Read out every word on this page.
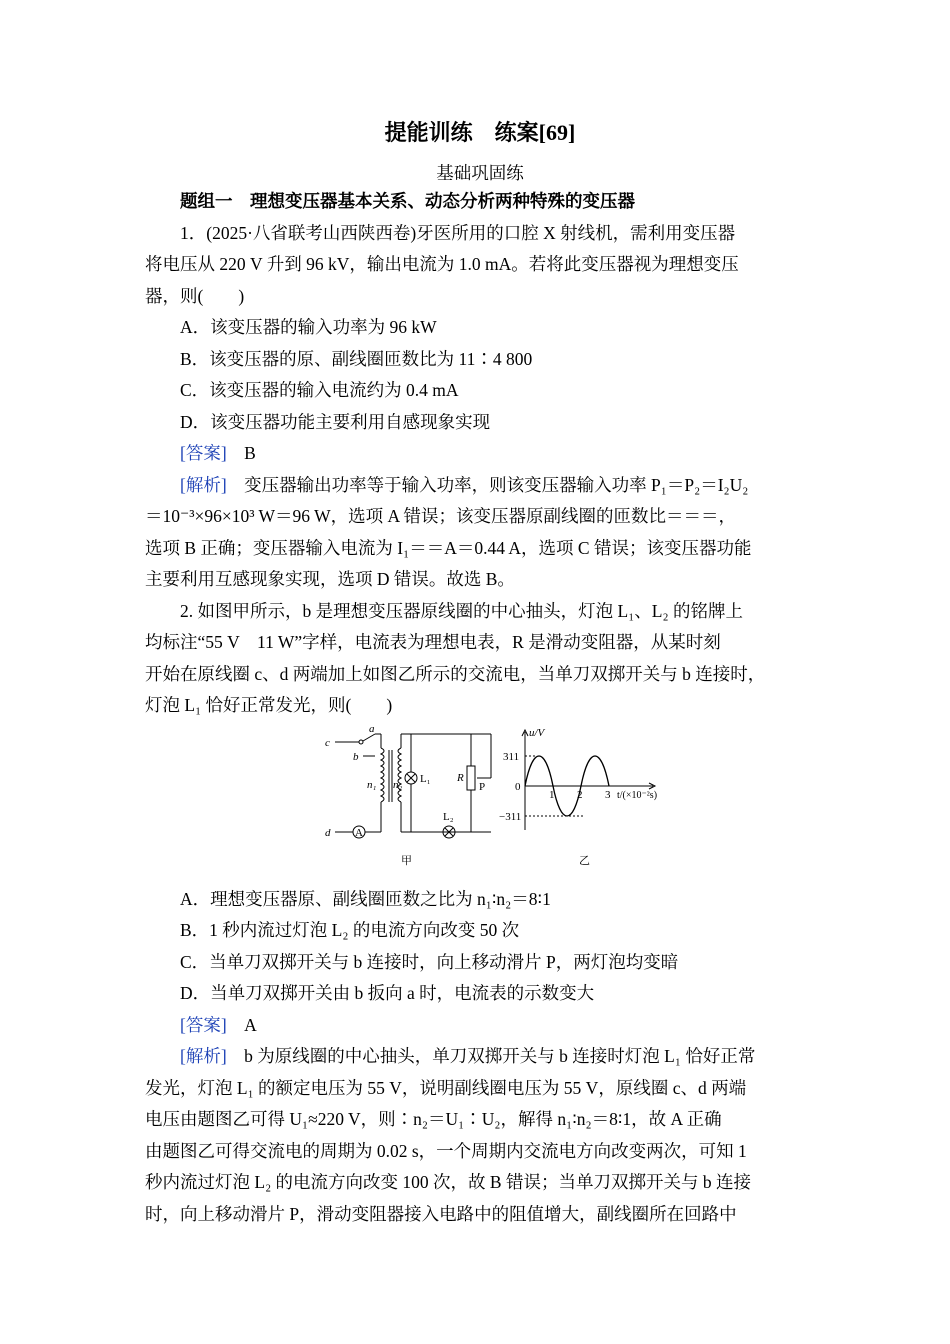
提能训练　练案[69]
基础巩固练
题组一　理想变压器基本关系、动态分析两种特殊的变压器
1．(2025·八省联考山西陕西卷)牙医所用的口腔 X 射线机，需利用变压器
将电压从 220 V 升到 96 kV，输出电流为 1.0 mA。若将此变压器视为理想变压
器，则(　　)
A．该变压器的输入功率为 96 kW
B．该变压器的原、副线圈匝数比为 11∶4 800
C．该变压器的输入电流约为 0.4 mA
D．该变压器功能主要利用自感现象实现
[答案] B
[解析] 变压器输出功率等于输入功率，则该变压器输入功率 P₁＝P₂＝I₂U₂
＝10⁻³×96×10³ W＝96 W，选项 A 错误；该变压器原副线圈的匝数比＝＝＝，
选项 B 正确；变压器输入电流为 I₁＝＝A＝0.44 A，选项 C 错误；该变压器功能
主要利用互感现象实现，选项 D 错误。故选 B。
2. 如图甲所示，b 是理想变压器原线圈的中心抽头，灯泡 L₁、L₂ 的铭牌上
均标注“55 V　11 W”字样，电流表为理想电表，R 是滑动变阻器，从某时刻
开始在原线圈 c、d 两端加上如图乙所示的交流电，当单刀双掷开关与 b 连接时，
灯泡 L₁ 恰好正常发光，则(　　)
c
a
b
n₁ n₂ L₁
L₂
R
P
d A
甲
u/V
311
0
−311
1 2 3 t/(×10⁻²s)
乙
A．理想变压器原、副线圈匝数之比为 n₁∶n₂＝8∶1
B．1 秒内流过灯泡 L₂ 的电流方向改变 50 次
C．当单刀双掷开关与 b 连接时，向上移动滑片 P，两灯泡均变暗
D．当单刀双掷开关由 b 扳向 a 时，电流表的示数变大
[答案] A
[解析] b 为原线圈的中心抽头，单刀双掷开关与 b 连接时灯泡 L₁ 恰好正常
发光，灯泡 L₁ 的额定电压为 55 V，说明副线圈电压为 55 V，原线圈 c、d 两端
电压由题图乙可得 U₁≈220 V，则∶n₂＝U₁∶U₂，解得 n₁∶n₂＝8∶1，故 A 正确
由题图乙可得交流电的周期为 0.02 s，一个周期内交流电方向改变两次，可知 1
秒内流过灯泡 L₂ 的电流方向改变 100 次，故 B 错误；当单刀双掷开关与 b 连接
时，向上移动滑片 P，滑动变阻器接入电路中的阻值增大，副线圈所在回路中
